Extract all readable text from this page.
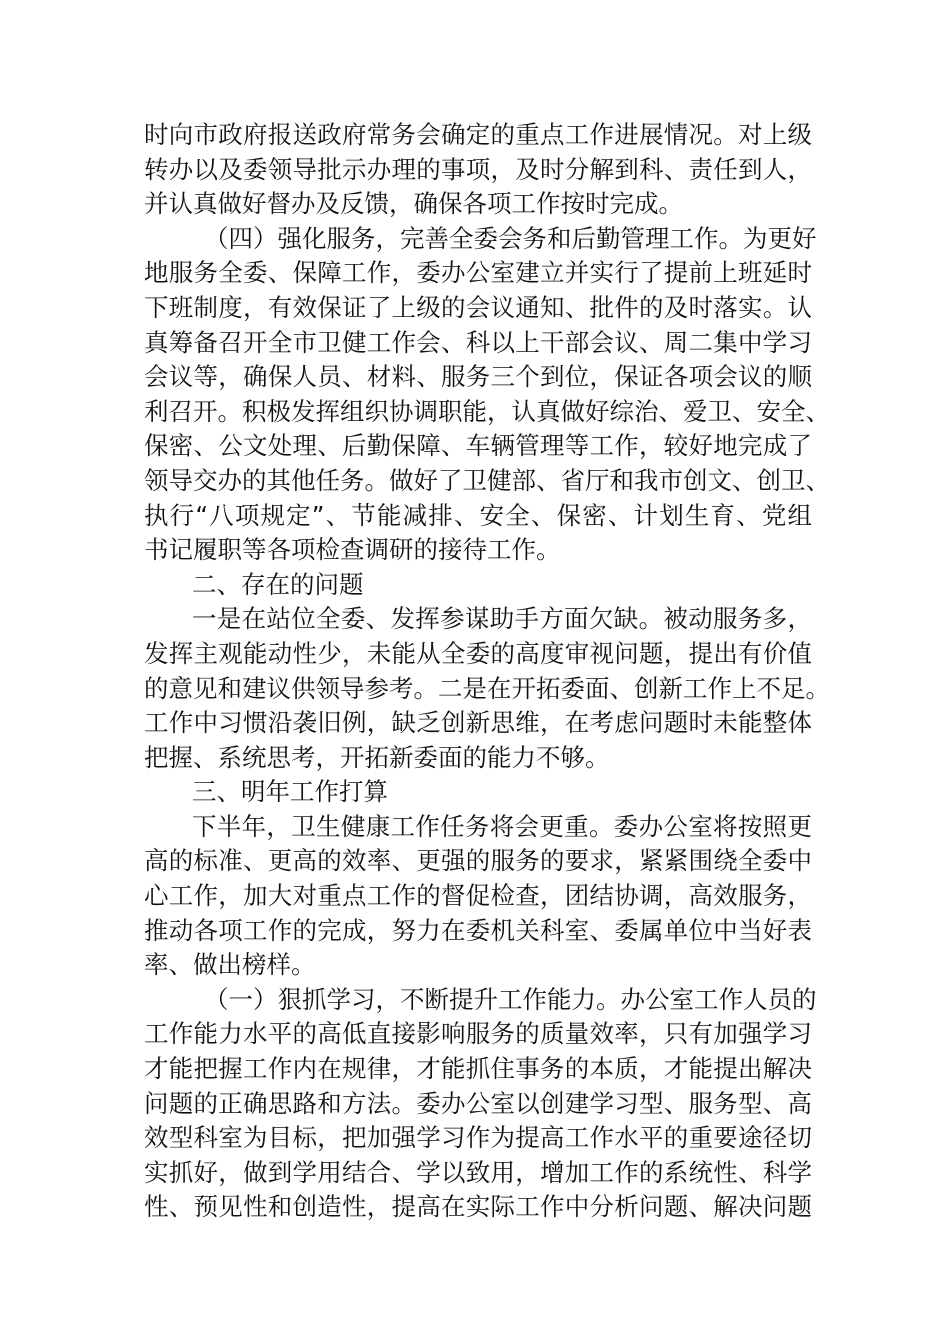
时向市政府报送政府常务会确定的重点工作进展情况。对上级
转办以及委领导批示办理的事项，及时分解到科、责任到人，
并认真做好督办及反馈，确保各项工作按时完成。
（四）强化服务，完善全委会务和后勤管理工作。为更好
地服务全委、保障工作，委办公室建立并实行了提前上班延时
下班制度，有效保证了上级的会议通知、批件的及时落实。认
真筹备召开全市卫健工作会、科以上干部会议、周二集中学习
会议等，确保人员、材料、服务三个到位，保证各项会议的顺
利召开。积极发挥组织协调职能，认真做好综治、爱卫、安全、
保密、公文处理、后勤保障、车辆管理等工作，较好地完成了
领导交办的其他任务。做好了卫健部、省厅和我市创文、创卫、
执行“八项规定”、节能减排、安全、保密、计划生育、党组
书记履职等各项检查调研的接待工作。
二、存在的问题
一是在站位全委、发挥参谋助手方面欠缺。被动服务多，
发挥主观能动性少，未能从全委的高度审视问题，提出有价值
的意见和建议供领导参考。二是在开拓委面、创新工作上不足。
工作中习惯沿袭旧例，缺乏创新思维，在考虑问题时未能整体
把握、系统思考，开拓新委面的能力不够。
三、明年工作打算
下半年，卫生健康工作任务将会更重。委办公室将按照更
高的标准、更高的效率、更强的服务的要求，紧紧围绕全委中
心工作，加大对重点工作的督促检查，团结协调，高效服务，
推动各项工作的完成，努力在委机关科室、委属单位中当好表
率、做出榜样。
（一）狠抓学习，不断提升工作能力。办公室工作人员的
工作能力水平的高低直接影响服务的质量效率，只有加强学习
才能把握工作内在规律，才能抓住事务的本质，才能提出解决
问题的正确思路和方法。委办公室以创建学习型、服务型、高
效型科室为目标，把加强学习作为提高工作水平的重要途径切
实抓好，做到学用结合、学以致用，增加工作的系统性、科学
性、预见性和创造性，提高在实际工作中分析问题、解决问题
